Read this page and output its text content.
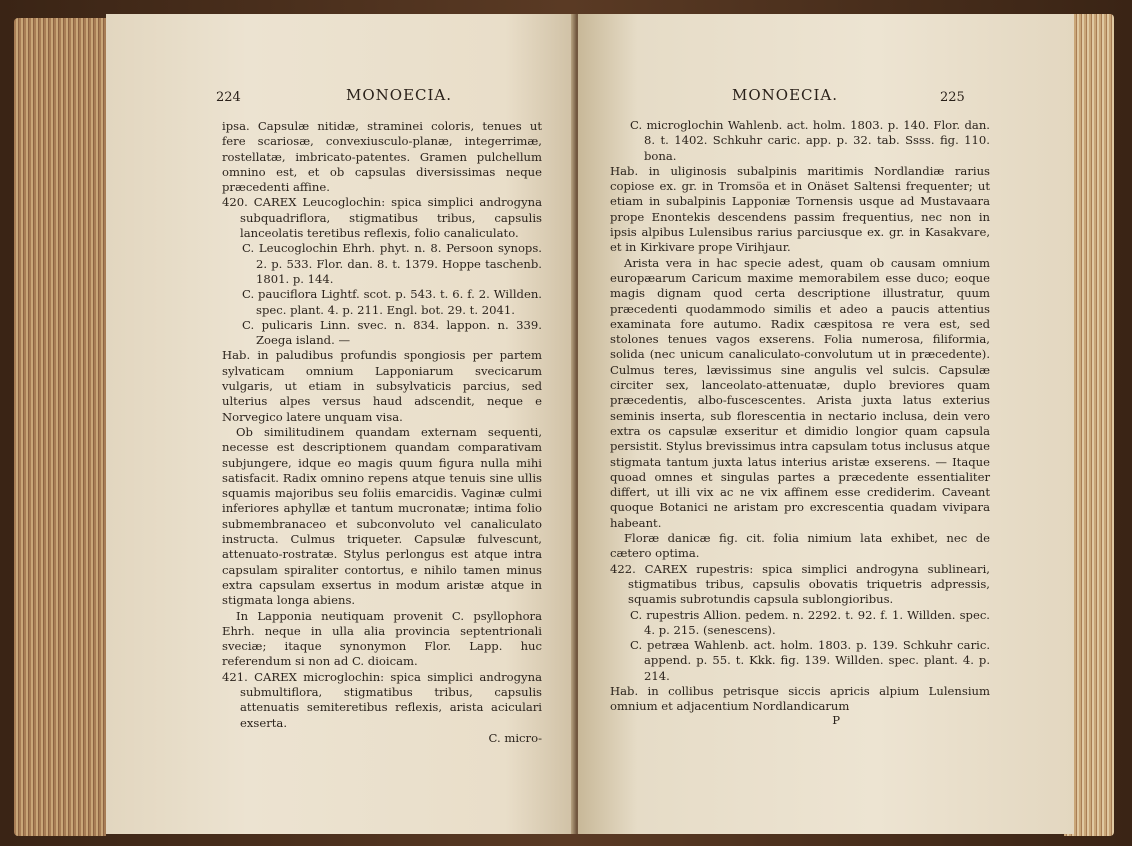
224	MONOECIA.

ipsa. Capsulæ nitidæ, straminei coloris, tenues ut fere scariosæ, convexiusculo-planæ, integerrimæ, rostellatæ, imbricato-patentes. Gramen pulchellum omnino est, et ob capsulas diversissimas neque præcedenti affine.

420. CAREX Leucoglochin: spica simplici androgyna subquadriflora, stigmatibus tribus, capsulis lanceolatis teretibus reflexis, folio canaliculato.

C. Leucoglochin Ehrh. phyt. n. 8. Persoon synops. 2. p. 533. Flor. dan. 8. t. 1379. Hoppe taschenb. 1801. p. 144.

C. pauciflora Lightf. scot. p. 543. t. 6. f. 2. Willden. spec. plant. 4. p. 211. Engl. bot. 29. t. 2041.

C. pulicaris Linn. svec. n. 834. lappon. n. 339. Zoega island. —

Hab. in paludibus profundis spongiosis per partem sylvaticam omnium Lapponiarum svecicarum vulgaris, ut etiam in subsylvaticis parcius, sed ulterius alpes versus haud adscendit, neque e Norvegico latere unquam visa.

Ob similitudinem quandam externam sequenti, necesse est descriptionem quandam comparativam subjungere, idque eo magis quum figura nulla mihi satisfacit. Radix omnino repens atque tenuis sine ullis squamis majoribus seu foliis emarcidis. Vaginæ culmi inferiores aphyllæ et tantum mucronatæ; intima folio submembranaceo et subconvoluto vel canaliculato instructa. Culmus triqueter. Capsulæ fulvescunt, attenuato-rostratæ. Stylus perlongus est atque intra capsulam spiraliter contortus, e nihilo tamen minus extra capsulam exsertus in modum aristæ atque in stigmata longa abiens.

In Lapponia neutiquam provenit C. psyllophora Ehrh. neque in ulla alia provincia septentrionali sveciæ; itaque synonymon Flor. Lapp. huc referendum si non ad C. dioicam.

421. CAREX microglochin: spica simplici androgyna submultiflora, stigmatibus tribus, capsulis attenuatis semiteretibus reflexis, arista aciculari exserta.

C. micro-

MONOECIA.	225

C. microglochin Wahlenb. act. holm. 1803. p. 140. Flor. dan. 8. t. 1402. Schkuhr caric. app. p. 32. tab. Ssss. fig. 110. bona.

Hab. in uliginosis subalpinis maritimis Nordlandiæ rarius copiose ex. gr. in Tromsöa et in Onäset Saltensi frequenter; ut etiam in subalpinis Lapponiæ Tornensis usque ad Mustavaara prope Enontekis descendens passim frequentius, nec non in ipsis alpibus Lulensibus rarius parciusque ex. gr. in Kasakvare, et in Kirkivare prope Virihjaur.

Arista vera in hac specie adest, quam ob causam omnium europæarum Caricum maxime memorabilem esse duco; eoque magis dignam quod certa descriptione illustratur, quum præcedenti quodammodo similis et adeo a paucis attentius examinata fore autumo. Radix cæspitosa re vera est, sed stolones tenues vagos exserens. Folia numerosa, filiformia, solida (nec unicum canaliculato-convolutum ut in præcedente). Culmus teres, lævissimus sine angulis vel sulcis. Capsulæ circiter sex, lanceolato-attenuatæ, duplo breviores quam præcedentis, albo-fuscescentes. Arista juxta latus exterius seminis inserta, sub florescentia in nectario inclusa, dein vero extra os capsulæ exseritur et dimidio longior quam capsula persistit. Stylus brevissimus intra capsulam totus inclusus atque stigmata tantum juxta latus interius aristæ exserens. — Itaque quoad omnes et singulas partes a præcedente essentialiter differt, ut illi vix ac ne vix affinem esse crediderim. Caveant quoque Botanici ne aristam pro excrescentia quadam vivipara habeant.

Floræ danicæ fig. cit. folia nimium lata exhibet, nec de cætero optima.

422. CAREX rupestris: spica simplici androgyna sublineari, stigmatibus tribus, capsulis obovatis triquetris adpressis, squamis subrotundis capsula sublongioribus.

C. rupestris Allion. pedem. n. 2292. t. 92. f. 1. Willden. spec. 4. p. 215. (senescens).

C. petræa Wahlenb. act. holm. 1803. p. 139. Schkuhr caric. append. p. 55. t. Kkk. fig. 139. Willden. spec. plant. 4. p. 214.

Hab. in collibus petrisque siccis apricis alpium Lulensium omnium et adjacentium Nordlandicarum

P
